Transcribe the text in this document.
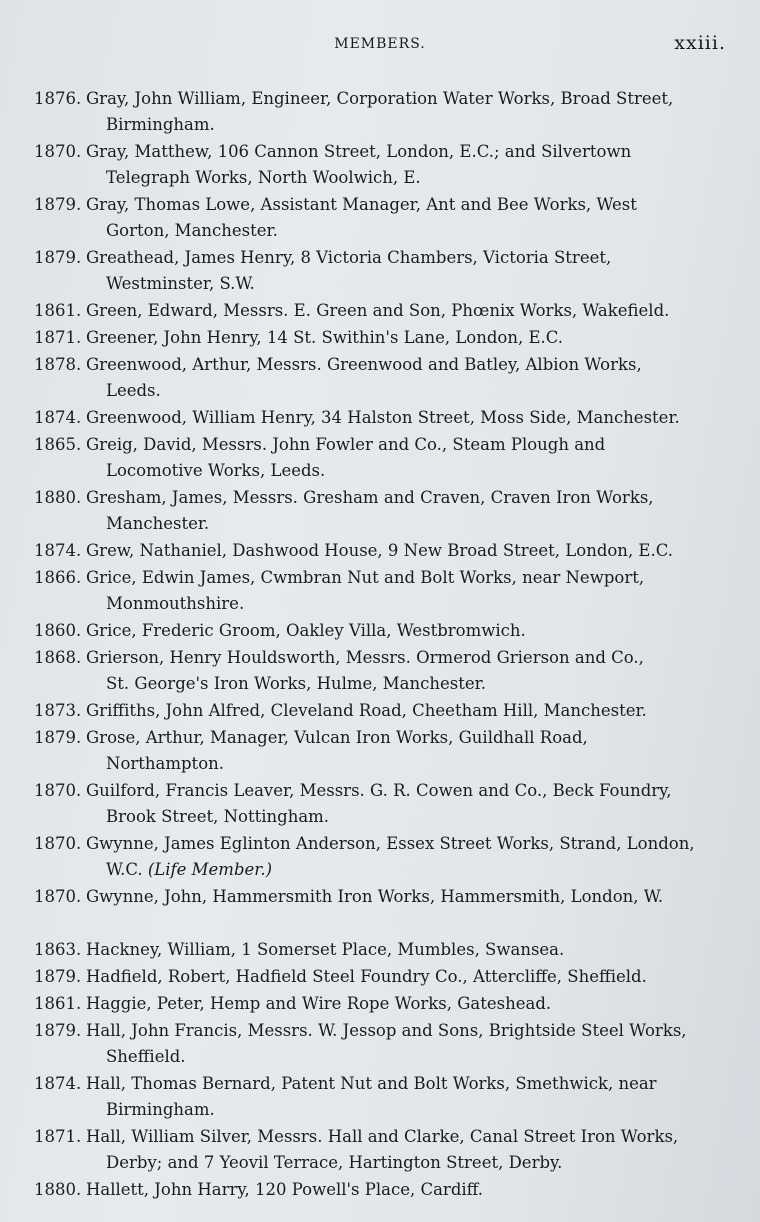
MEMBERS.	xxiii.
1876. Gray, John William, Engineer, Corporation Water Works, Broad Street,
Birmingham.
1870. Gray, Matthew, 106 Cannon Street, London, E.C.; and Silvertown
Telegraph Works, North Woolwich, E.
1879. Gray, Thomas Lowe, Assistant Manager, Ant and Bee Works, West
Gorton, Manchester.
1879. Greathead, James Henry, 8 Victoria Chambers, Victoria Street,
Westminster, S.W.
1861. Green, Edward, Messrs. E. Green and Son, Phœnix Works, Wakefield.
1871. Greener, John Henry, 14 St. Swithin's Lane, London, E.C.
1878. Greenwood, Arthur, Messrs. Greenwood and Batley, Albion Works,
Leeds.
1874. Greenwood, William Henry, 34 Halston Street, Moss Side, Manchester.
1865. Greig, David, Messrs. John Fowler and Co., Steam Plough and
Locomotive Works, Leeds.
1880. Gresham, James, Messrs. Gresham and Craven, Craven Iron Works,
Manchester.
1874. Grew, Nathaniel, Dashwood House, 9 New Broad Street, London, E.C.
1866. Grice, Edwin James, Cwmbran Nut and Bolt Works, near Newport,
Monmouthshire.
1860. Grice, Frederic Groom, Oakley Villa, Westbromwich.
1868. Grierson, Henry Houldsworth, Messrs. Ormerod Grierson and Co.,
St. George's Iron Works, Hulme, Manchester.
1873. Griffiths, John Alfred, Cleveland Road, Cheetham Hill, Manchester.
1879. Grose, Arthur, Manager, Vulcan Iron Works, Guildhall Road,
Northampton.
1870. Guilford, Francis Leaver, Messrs. G. R. Cowen and Co., Beck Foundry,
Brook Street, Nottingham.
1870. Gwynne, James Eglinton Anderson, Essex Street Works, Strand, London,
W.C. (Life Member.)
1870. Gwynne, John, Hammersmith Iron Works, Hammersmith, London, W.
1863. Hackney, William, 1 Somerset Place, Mumbles, Swansea.
1879. Hadfield, Robert, Hadfield Steel Foundry Co., Attercliffe, Sheffield.
1861. Haggie, Peter, Hemp and Wire Rope Works, Gateshead.
1879. Hall, John Francis, Messrs. W. Jessop and Sons, Brightside Steel Works,
Sheffield.
1874. Hall, Thomas Bernard, Patent Nut and Bolt Works, Smethwick, near
Birmingham.
1871. Hall, William Silver, Messrs. Hall and Clarke, Canal Street Iron Works,
Derby; and 7 Yeovil Terrace, Hartington Street, Derby.
1880. Hallett, John Harry, 120 Powell's Place, Cardiff.
